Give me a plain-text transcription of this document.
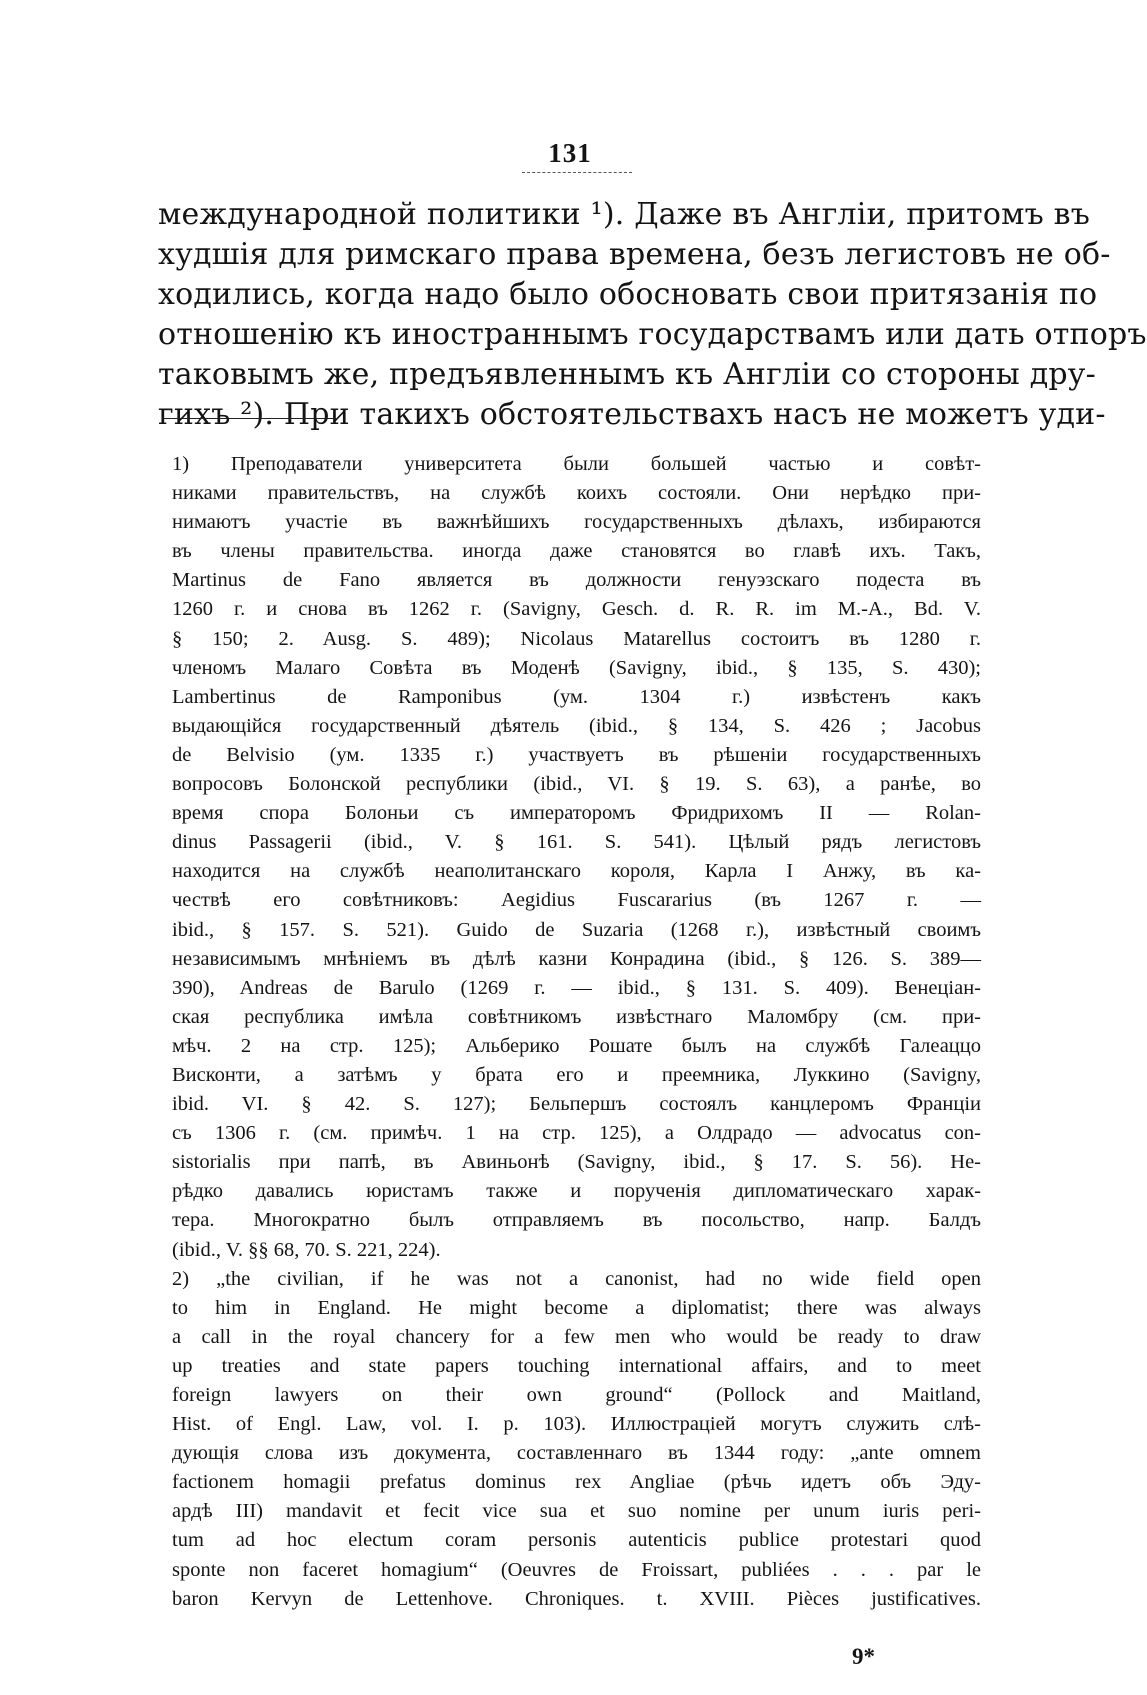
131
международной политики ¹). Даже въ Англіи, притомъ въ
худшія для римскаго права времена, безъ легистовъ не об-
ходились, когда надо было обосновать свои притязанія по
отношенію къ иностраннымъ государствамъ или дать отпоръ
таковымъ же, предъявленнымъ къ Англіи со стороны дру-
гихъ ²). При такихъ обстоятельствахъ насъ не можетъ уди-
1) Преподаватели университета были большей частью и совѣт-
никами правительствъ, на службѣ коихъ состояли. Они нерѣдко при-
нимаютъ участіе въ важнѣйшихъ государственныхъ дѣлахъ, избираются
въ члены правительства. иногда даже становятся во главѣ ихъ. Такъ,
Martinus de Fano является въ должности генуэзскаго подеста въ
1260 г. и снова въ 1262 г. (Savigny, Gesch. d. R. R. im M.-A., Bd. V.
§ 150; 2. Ausg. S. 489); Nicolaus Matarellus состоитъ въ 1280 г.
членомъ Малаго Совѣта въ Моденѣ (Savigny, ibid., § 135, S. 430);
Lambertinus de Ramponibus (ум. 1304 г.) извѣстенъ какъ
выдающійся государственный дѣятель (ibid., § 134, S. 426 ; Jacobus
de Belvisio (ум. 1335 г.) участвуетъ въ рѣшеніи государственныхъ
вопросовъ Болонской республики (ibid., VI. § 19. S. 63), а ранѣе, во
время спора Болоньи съ императоромъ Фридрихомъ II — Rolan-
dinus Passagerii (ibid., V. § 161. S. 541). Цѣлый рядъ легистовъ
находится на службѣ неаполитанскаго короля, Карла I Анжу, въ ка-
чествѣ его совѣтниковъ: Aegidius Fuscararius (въ 1267 г. —
ibid., § 157. S. 521). Guido de Suzaria (1268 г.), извѣстный своимъ
независимымъ мнѣніемъ въ дѣлѣ казни Конрадина (ibid., § 126. S. 389—
390), Andreas de Barulo (1269 г. — ibid., § 131. S. 409). Венеціан-
ская республика имѣла совѣтникомъ извѣстнаго Маломбру (см. при-
мѣч. 2 на стр. 125); Альберико Рошате былъ на службѣ Галеаццо
Висконти, а затѣмъ у брата его и преемника, Луккино (Savigny,
ibid. VI. § 42. S. 127); Бельпершъ состоялъ канцлеромъ Франціи
съ 1306 г. (см. примѣч. 1 на стр. 125), а Олдрадо — advocatus con-
sistorialis при папѣ, въ Авиньонѣ (Savigny, ibid., § 17. S. 56). Не-
рѣдко давались юристамъ также и порученія дипломатическаго харак-
тера. Многократно былъ отправляемъ въ посольство, напр. Балдъ
(ibid., V. §§ 68, 70. S. 221, 224).
2) „the civilian, if he was not a canonist, had no wide field open
to him in England. He might become a diplomatist; there was always
a call in the royal chancery for a few men who would be ready to draw
up treaties and state papers touching international affairs, and to meet
foreign lawyers on their own ground“ (Pollock and Maitland,
Hist. of Engl. Law, vol. I. p. 103). Иллюстраціей могутъ служить слѣ-
дующія слова изъ документа, составленнаго въ 1344 году: „ante omnem
factionem homagii prefatus dominus rex Angliae (рѣчь идетъ объ Эду-
ардѣ III) mandavit et fecit vice sua et suo nomine per unum iuris peri-
tum ad hoc electum coram personis autenticis publice protestari quod
sponte non faceret homagium“ (Oeuvres de Froissart, publiées . . . par le
baron Kervyn de Lettenhove. Chroniques. t. XVIII. Pièces justificatives.
9*
